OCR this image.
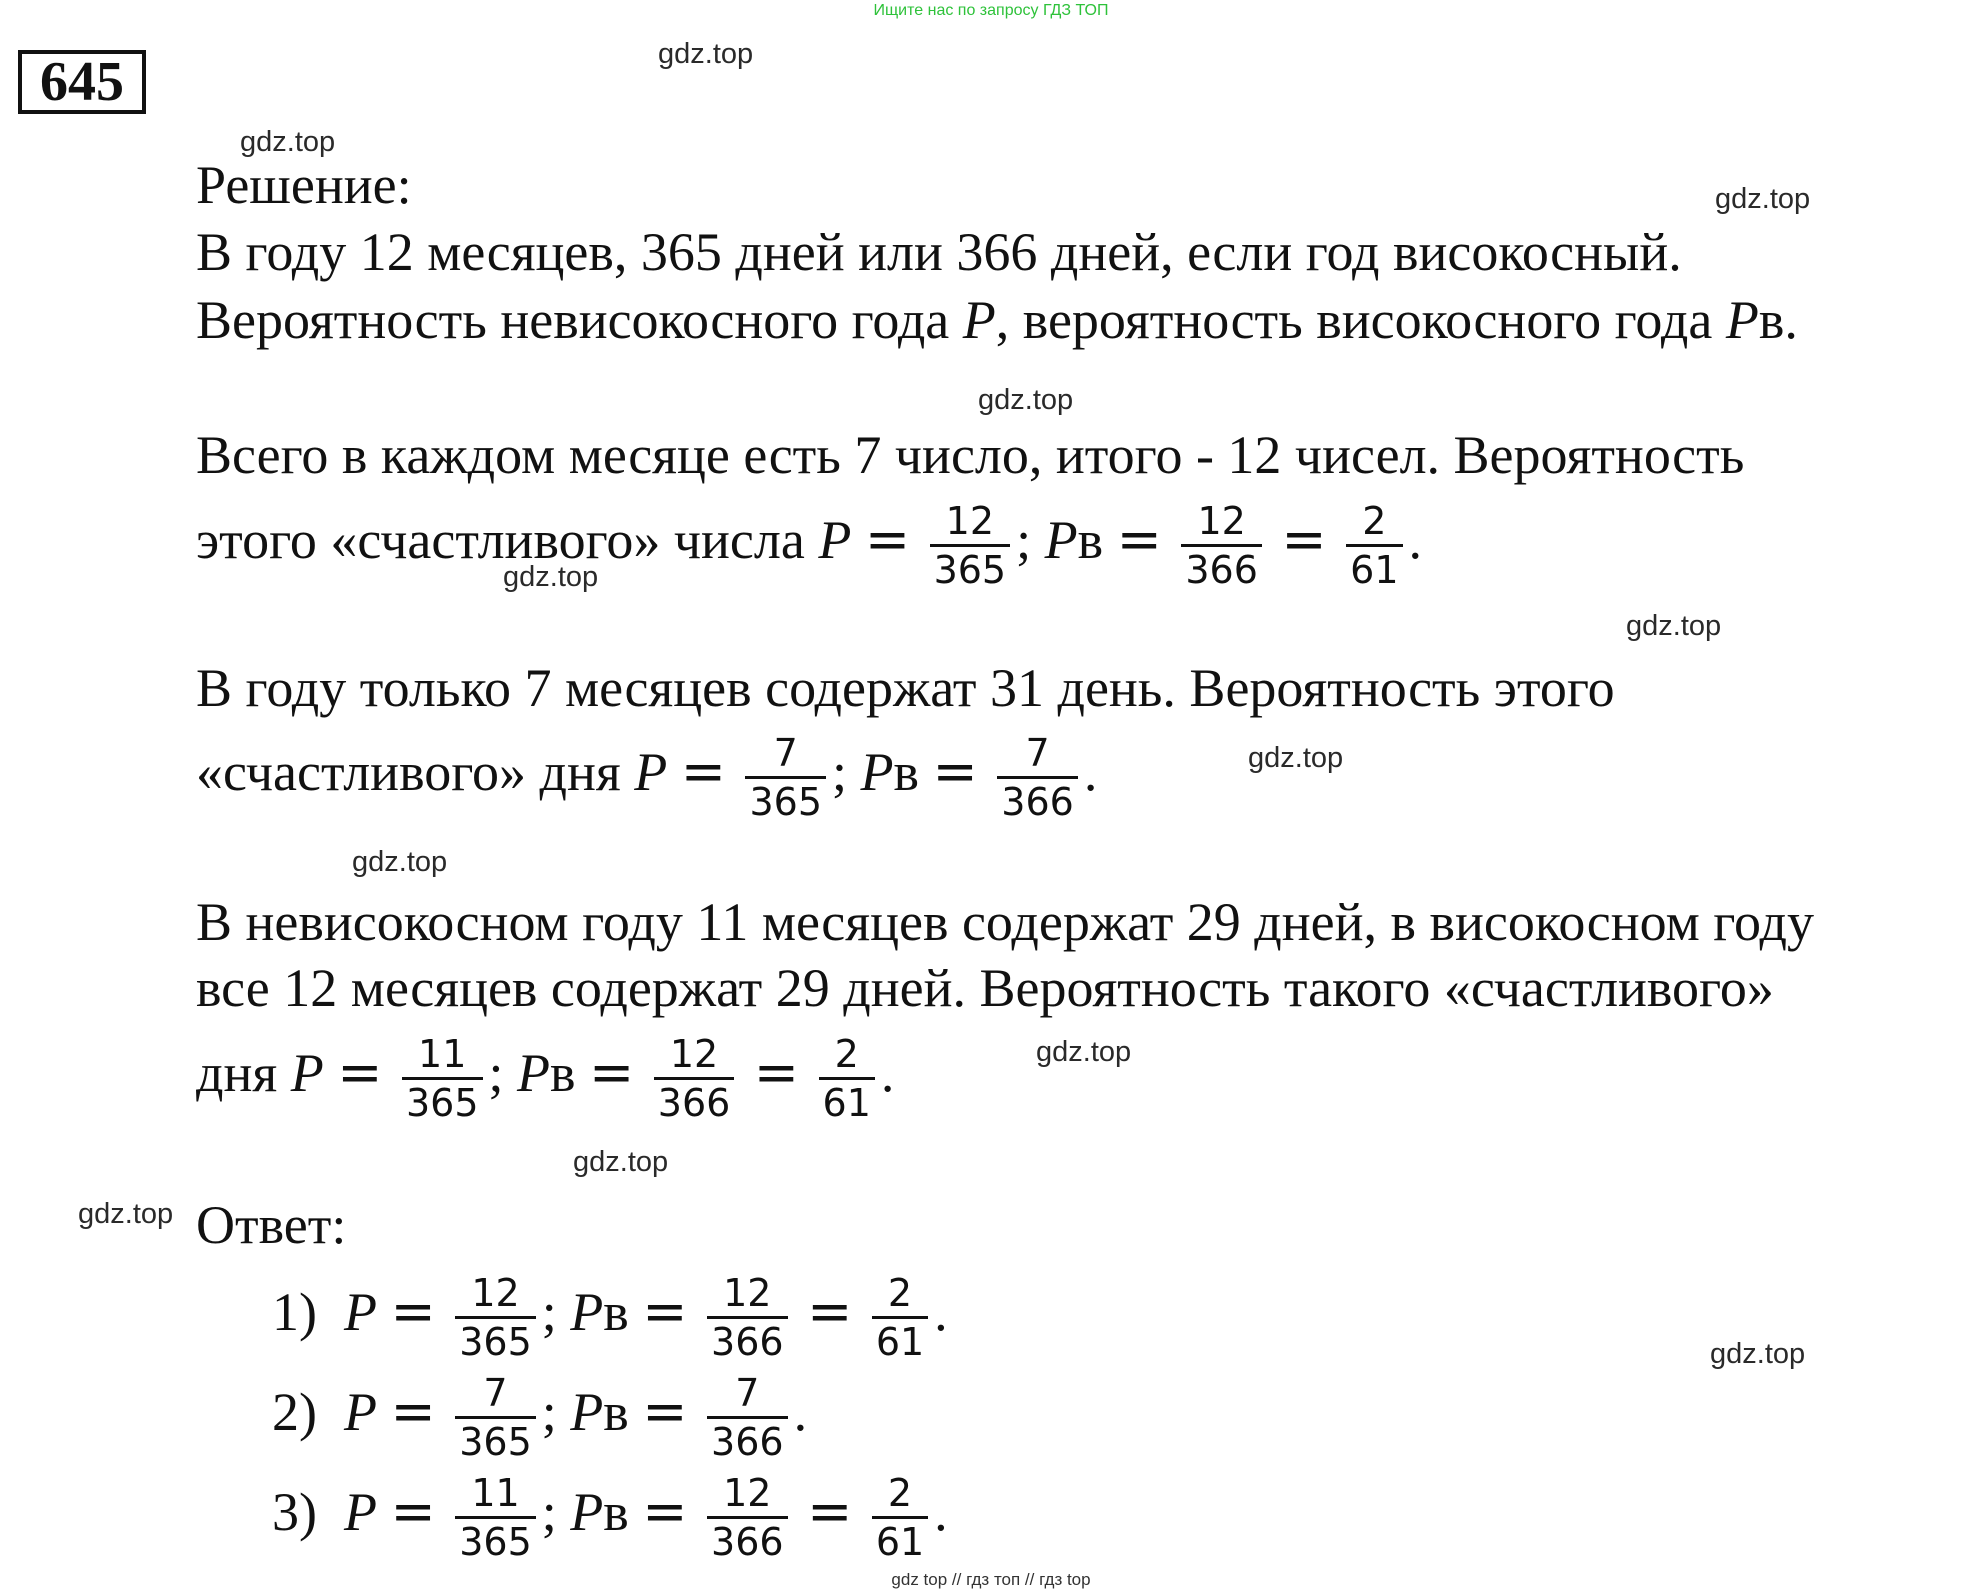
Ищите нас по запросу ГДЗ ТОП
645	gdz.top
gdz.top
gdz.top
gdz.top
gdz.top
gdz.top
gdz.top
gdz.top
gdz.top
gdz.top
gdz.top
gdz.top
Решение:
В году 12 месяцев, 365 дней или 366 дней, если год високосный.
Вероятность невисокосного года P, вероятность високосного года Pв.
Всего в каждом месяце есть 7 число, итого - 12 чисел. Вероятность
этого «счастливого» числа $P = \frac{12}{365}$ ; Pв = $\frac{12}{366} = \frac{2}{61}$ .
В году только 7 месяцев содержат 31 день. Вероятность этого
«счастливого» дня $P = \frac{7}{365}$ ; Pв = $\frac{7}{366}$ .
В невисокосном году 11 месяцев содержат 29 дней, в високосном году
все 12 месяцев содержат 29 дней. Вероятность такого «счастливого»
дня $P = \frac{11}{365}$ ; Pв = $\frac{12}{366} = \frac{2}{61}$ .
Ответ:
1) $P = \frac{12}{365}$ ; Pв = $\frac{12}{366} = \frac{2}{61}$ .
2) $P = \frac{7}{365}$ ; Pв = $\frac{7}{366}$ .
3) $P = \frac{11}{365}$ ; Pв = $\frac{12}{366} = \frac{2}{61}$ .
gdz top // гдз топ // гдз top
